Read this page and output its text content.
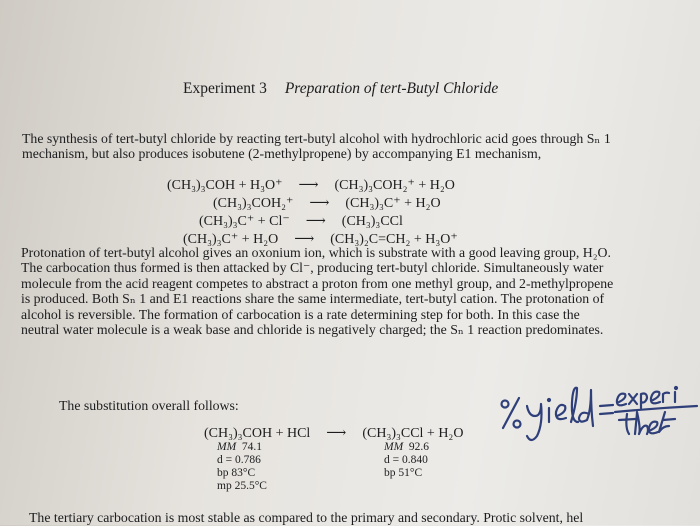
Experiment 3 Preparation of tert-Butyl Chloride
The synthesis of tert-butyl chloride by reacting tert-butyl alcohol with hydrochloric acid goes through Sₙ 1
mechanism, but also produces isobutene (2-methylpropene) by accompanying E1 mechanism,
(CH₃)₃COH + H₃O⁺	⟶	(CH₃)₃COH₂⁺ + H₂O
(CH₃)₃COH₂⁺	⟶	(CH₃)₃C⁺ + H₂O
(CH₃)₃C⁺ + Cl⁻	⟶	(CH₃)₃CCl
(CH₃)₃C⁺ + H₂O	⟶	(CH₃)₂C=CH₂ + H₃O⁺
Protonation of tert-butyl alcohol gives an oxonium ion, which is substrate with a good leaving group, H₂O.
The carbocation thus formed is then attacked by Cl⁻, producing tert-butyl chloride. Simultaneously water
molecule from the acid reagent competes to abstract a proton from one methyl group, and 2-methylpropene
is produced. Both Sₙ 1 and E1 reactions share the same intermediate, tert-butyl cation. The protonation of
alcohol is reversible. The formation of carbocation is a rate determining step for both. In this case the
neutral water molecule is a weak base and chloride is negatively charged; the Sₙ 1 reaction predominates.
The substitution overall follows:
(CH₃)₃COH + HCl	⟶	(CH₃)₃CCl + H₂O
MM 74.1
d = 0.786
bp 83°C
mp 25.5°C
MM 92.6
d = 0.840
bp 51°C
The tertiary carbocation is most stable as compared to the primary and secondary. Protic solvent, hel
